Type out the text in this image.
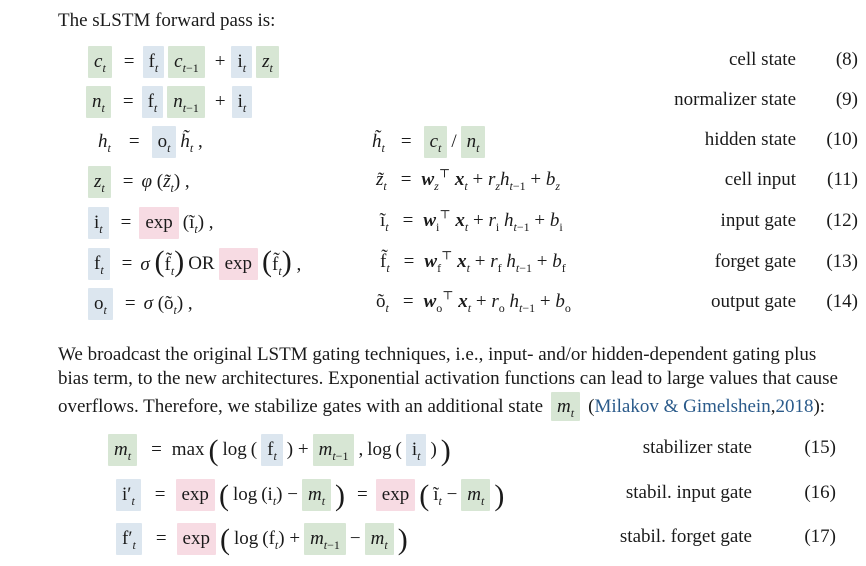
The sLSTM forward pass is:
$c_t = f_t$ $c_{t-1} + i_t$ $z_t$	cell state (8)
$n_t = f_t$ $n_{t-1} + i_t$	normalizer state (9)
$h_t = o_t$ $h̃_t$ ,	$h̃_t = c_t / n_t$	hidden state (10)
$z_t = \varphi$ $(z̃_t)$ ,	$z̃_t = w_z^⊤$ $x_t + r_zh_{t-1} + b_z$	cell input (11)
$i_t = \exp$ $(ĩ_t)$ ,	$ĩ_t = w_i^⊤$ $x_t + r_i$ $h_{t-1} + b_i$	input gate (12)
$f_t = \sigma$ $(f̃_t)$ OR $\exp (f̃_t)$ ,	$f̃_t = w_f^⊤$ $x_t + r_f$ $h_{t-1} + b_f$	forget gate (13)
$o_t = \sigma$ $(õ_t)$ ,	$õ_t = w_o^⊤$ $x_t + r_o$ $h_{t-1} + b_o$	output gate (14)
We broadcast the original LSTM gating techniques, i.e., input- and/or hidden-dependent gating plus
bias term, to the new architectures. Exponential activation functions can lead to large values that cause
overflows. Therefore, we stabilize gates with an additional state $m_t$ ( Milakov & Gimelshein , 2018 ):
$m_t$	= max ( log ( $f_t$ ) + $m_{t-1}$ , log ( $i_t$ ) )	stabilizer state	(15)
$i'_t$	= exp ( $\log (i_t) - m_t$ ) = exp ( $ĩ_t - m_t$ )	stabil. input gate	(16)
$f'_t$	= exp ( $\log (f_t) + m_{t-1} - m_t$ )	stabil. forget gate	(17)
